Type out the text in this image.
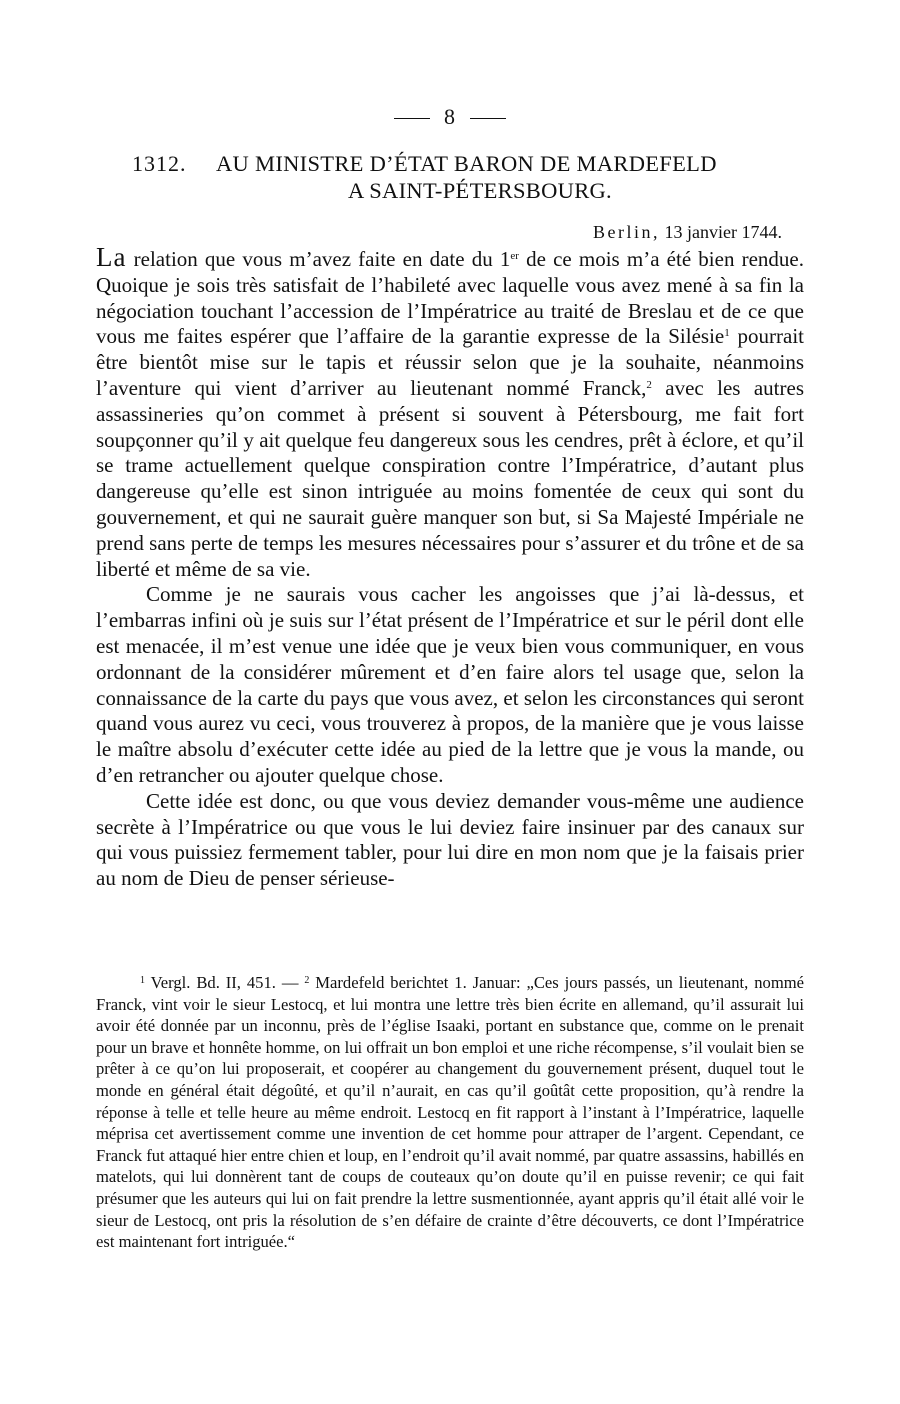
8
1312. AU MINISTRE D’ÉTAT BARON DE MARDEFELD
A SAINT-PÉTERSBOURG.
Berlin, 13 janvier 1744.

La relation que vous m’avez faite en date du 1er de ce mois m’a été bien rendue. Quoique je sois très satisfait de l’habileté avec laquelle vous avez mené à sa fin la négociation touchant l’accession de l’Impératrice au traité de Breslau et de ce que vous me faites espérer que l’affaire de la garantie expresse de la Silésie$^1$ pourrait être bientôt mise sur le tapis et réussir selon que je la souhaite, néanmoins l’aventure qui vient d’arriver au lieutenant nommé Franck,$^2$ avec les autres assassineries qu’on commet à présent si souvent à Pétersbourg, me fait fort soupçonner qu’il y ait quelque feu dangereux sous les cendres, prêt à éclore, et qu’il se trame actuellement quelque conspiration contre l’Impératrice, d’autant plus dangereuse qu’elle est sinon intriguée au moins fomentée de ceux qui sont du gouvernement, et qui ne saurait guère manquer son but, si Sa Majesté Impériale ne prend sans perte de temps les mesures nécessaires pour s’assurer et du trône et de sa liberté et même de sa vie.

Comme je ne saurais vous cacher les angoisses que j’ai là-dessus, et l’embarras infini où je suis sur l’état présent de l’Impératrice et sur le péril dont elle est menacée, il m’est venue une idée que je veux bien vous communiquer, en vous ordonnant de la considérer mûrement et d’en faire alors tel usage que, selon la connaissance de la carte du pays que vous avez, et selon les circonstances qui seront quand vous aurez vu ceci, vous trouverez à propos, de la manière que je vous laisse le maître absolu d’exécuter cette idée au pied de la lettre que je vous la mande, ou d’en retrancher ou ajouter quelque chose.

Cette idée est donc, ou que vous deviez demander vous-même une audience secrète à l’Impératrice ou que vous le lui deviez faire insinuer par des canaux sur qui vous puissiez fermement tabler, pour lui dire en mon nom que je la faisais prier au nom de Dieu de penser sérieuse-

$^1$ Vergl. Bd. II, 451. — $^2$ Mardefeld berichtet 1. Januar: „Ces jours passés, un lieutenant, nommé Franck, vint voir le sieur Lestocq, et lui montra une lettre très bien écrite en allemand, qu’il assurait lui avoir été donnée par un inconnu, près de l’église Isaaki, portant en substance que, comme on le prenait pour un brave et honnête homme, on lui offrait un bon emploi et une riche récompense, s’il voulait bien se prêter à ce qu’on lui proposerait, et coopérer au changement du gouvernement présent, duquel tout le monde en général était dégoûté, et qu’il n’aurait, en cas qu’il goûtât cette proposition, qu’à rendre la réponse à telle et telle heure au même endroit. Lestocq en fit rapport à l’instant à l’Impératrice, laquelle méprisa cet avertissement comme une invention de cet homme pour attraper de l’argent. Cependant, ce Franck fut attaqué hier entre chien et loup, en l’endroit qu’il avait nommé, par quatre assassins, habillés en matelots, qui lui donnèrent tant de coups de couteaux qu’on doute qu’il en puisse revenir; ce qui fait présumer que les auteurs qui lui on fait prendre la lettre susmentionnée, ayant appris qu’il était allé voir le sieur de Lestocq, ont pris la résolution de s’en défaire de crainte d’être découverts, ce dont l’Impératrice est maintenant fort intriguée.“
